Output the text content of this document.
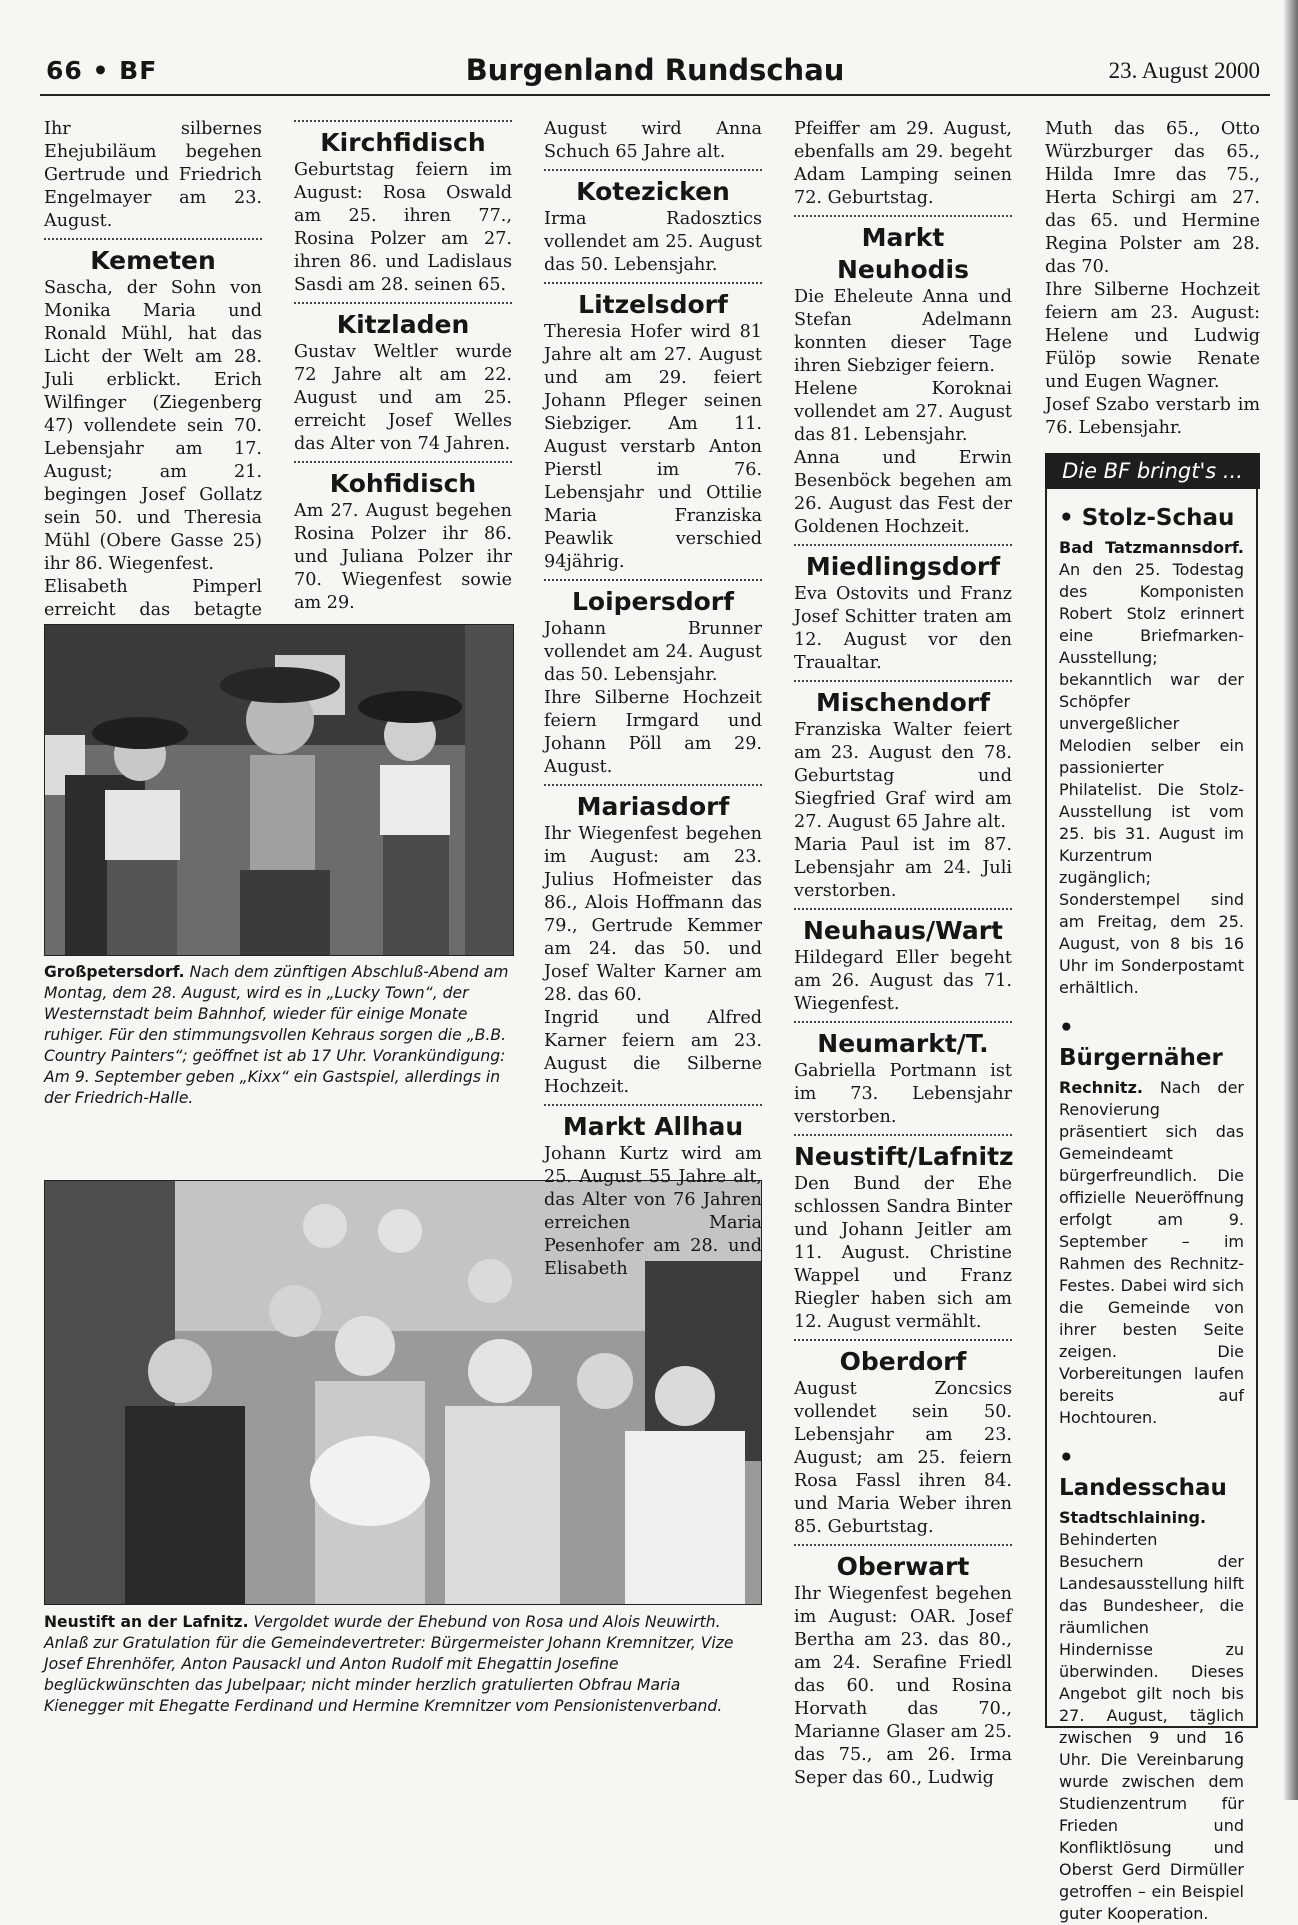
66 • BF	Burgenland Rundschau	23. August 2000

Ihr silbernes Ehejubiläum begehen Gertrude und Friedrich Engelmayer am 23. August.

Kemeten

Sascha, der Sohn von Monika Maria und Ronald Mühl, hat das Licht der Welt am 28. Juli erblickt. Erich Wilfinger (Ziegenberg 47) vollendete sein 70. Lebensjahr am 17. August; am 21. begingen Josef Gollatz sein 50. und Theresia Mühl (Obere Gasse 25) ihr 86. Wiegenfest.

Elisabeth Pimperl erreicht das betagte

Kirchfidisch

Geburtstag feiern im August: Rosa Oswald am 25. ihren 77., Rosina Polzer am 27. ihren 86. und Ladislaus Sasdi am 28. seinen 65.

Kitzladen

Gustav Weltler wurde 72 Jahre alt am 22. August und am 25. erreicht Josef Welles das Alter von 74 Jahren.

Kohfidisch

Am 27. August begehen Rosina Polzer ihr 86. und Juliana Polzer ihr 70. Wiegenfest sowie am 29.

Großpetersdorf. Nach dem zünftigen Abschluß-Abend am Montag, dem 28. August, wird es in „Lucky Town“, der Westernstadt beim Bahnhof, wieder für einige Monate ruhiger. Für den stimmungsvollen Kehraus sorgen die „B.B. Country Painters“; geöffnet ist ab 17 Uhr. Vorankündigung: Am 9. September geben „Kixx“ ein Gastspiel, allerdings in der Friedrich-Halle.
Neustift an der Lafnitz. Vergoldet wurde der Ehebund von Rosa und Alois Neuwirth. Anlaß zur Gratulation für die Gemeindevertreter: Bürgermeister Johann Kremnitzer, Vize Josef Ehrenhöfer, Anton Pausackl und Anton Rudolf mit Ehegattin Josefine beglückwünschten das Jubelpaar; nicht minder herzlich gratulierten Obfrau Maria Kienegger mit Ehegatte Ferdinand und Hermine Kremnitzer vom Pensionistenverband.

August wird Anna Schuch 65 Jahre alt.

Kotezicken

Irma Radosztics vollendet am 25. August das 50. Lebensjahr.

Litzelsdorf

Theresia Hofer wird 81 Jahre alt am 27. August und am 29. feiert Johann Pfleger seinen Siebziger. Am 11. August verstarb Anton Pierstl im 76. Lebensjahr und Ottilie Maria Franziska Peawlik verschied 94jährig.

Loipersdorf

Johann Brunner vollendet am 24. August das 50. Lebensjahr.

Ihre Silberne Hochzeit feiern Irmgard und Johann Pöll am 29. August.

Mariasdorf

Ihr Wiegenfest begehen im August: am 23. Julius Hofmeister das 86., Alois Hoffmann das 79., Gertrude Kemmer am 24. das 50. und Josef Walter Karner am 28. das 60.

Ingrid und Alfred Karner feiern am 23. August die Silberne Hochzeit.

Markt Allhau

Johann Kurtz wird am 25. August 55 Jahre alt, das Alter von 76 Jahren erreichen Maria Pesenhofer am 28. und Elisabeth

Pfeiffer am 29. August, ebenfalls am 29. begeht Adam Lamping seinen 72. Geburtstag.

Markt Neuhodis

Die Eheleute Anna und Stefan Adelmann konnten dieser Tage ihren Siebziger feiern.

Helene Koroknai vollendet am 27. August das 81. Lebensjahr.

Anna und Erwin Besenböck begehen am 26. August das Fest der Goldenen Hochzeit.

Miedlingsdorf

Eva Ostovits und Franz Josef Schitter traten am 12. August vor den Traualtar.

Mischendorf

Franziska Walter feiert am 23. August den 78. Geburtstag und Siegfried Graf wird am 27. August 65 Jahre alt.

Maria Paul ist im 87. Lebensjahr am 24. Juli verstorben.

Neuhaus/Wart

Hildegard Eller begeht am 26. August das 71. Wiegenfest.

Neumarkt/T.

Gabriella Portmann ist im 73. Lebensjahr verstorben.

Neustift/Lafnitz

Den Bund der Ehe schlossen Sandra Binter und Johann Jeitler am 11. August. Christine Wappel und Franz Riegler haben sich am 12. August vermählt.

Oberdorf

August Zoncsics vollendet sein 50. Lebensjahr am 23. August; am 25. feiern Rosa Fassl ihren 84. und Maria Weber ihren 85. Geburtstag.

Oberwart

Ihr Wiegenfest begehen im August: OAR. Josef Bertha am 23. das 80., am 24. Serafine Friedl das 60. und Rosina Horvath das 70., Marianne Glaser am 25. das 75., am 26. Irma Seper das 60., Ludwig

Muth das 65., Otto Würzburger das 65., Hilda Imre das 75., Herta Schirgi am 27. das 65. und Hermine Regina Polster am 28. das 70.

Ihre Silberne Hochzeit feiern am 23. August: Helene und Ludwig Fülöp sowie Renate und Eugen Wagner.

Josef Szabo verstarb im 76. Lebensjahr.

Die BF bringt's ...
• Stolz-Schau

Bad Tatzmannsdorf. An den 25. Todestag des Komponisten Robert Stolz erinnert eine Briefmarken-Ausstellung; bekanntlich war der Schöpfer unvergeßlicher Melodien selber ein passionierter Philatelist. Die Stolz-Ausstellung ist vom 25. bis 31. August im Kurzentrum zugänglich; Sonderstempel sind am Freitag, dem 25. August, von 8 bis 16 Uhr im Sonderpostamt erhältlich.

• Bürgernäher

Rechnitz. Nach der Renovierung präsentiert sich das Gemeindeamt bürgerfreundlich. Die offizielle Neueröffnung erfolgt am 9. September – im Rahmen des Rechnitz-Festes. Dabei wird sich die Gemeinde von ihrer besten Seite zeigen. Die Vorbereitungen laufen bereits auf Hochtouren.

• Landesschau

Stadtschlaining. Behinderten Besuchern der Landesausstellung hilft das Bundesheer, die räumlichen Hindernisse zu überwinden. Dieses Angebot gilt noch bis 27. August, täglich zwischen 9 und 16 Uhr. Die Vereinbarung wurde zwischen dem Studienzentrum für Frieden und Konfliktlösung und Oberst Gerd Dirmüller getroffen – ein Beispiel guter Kooperation.
